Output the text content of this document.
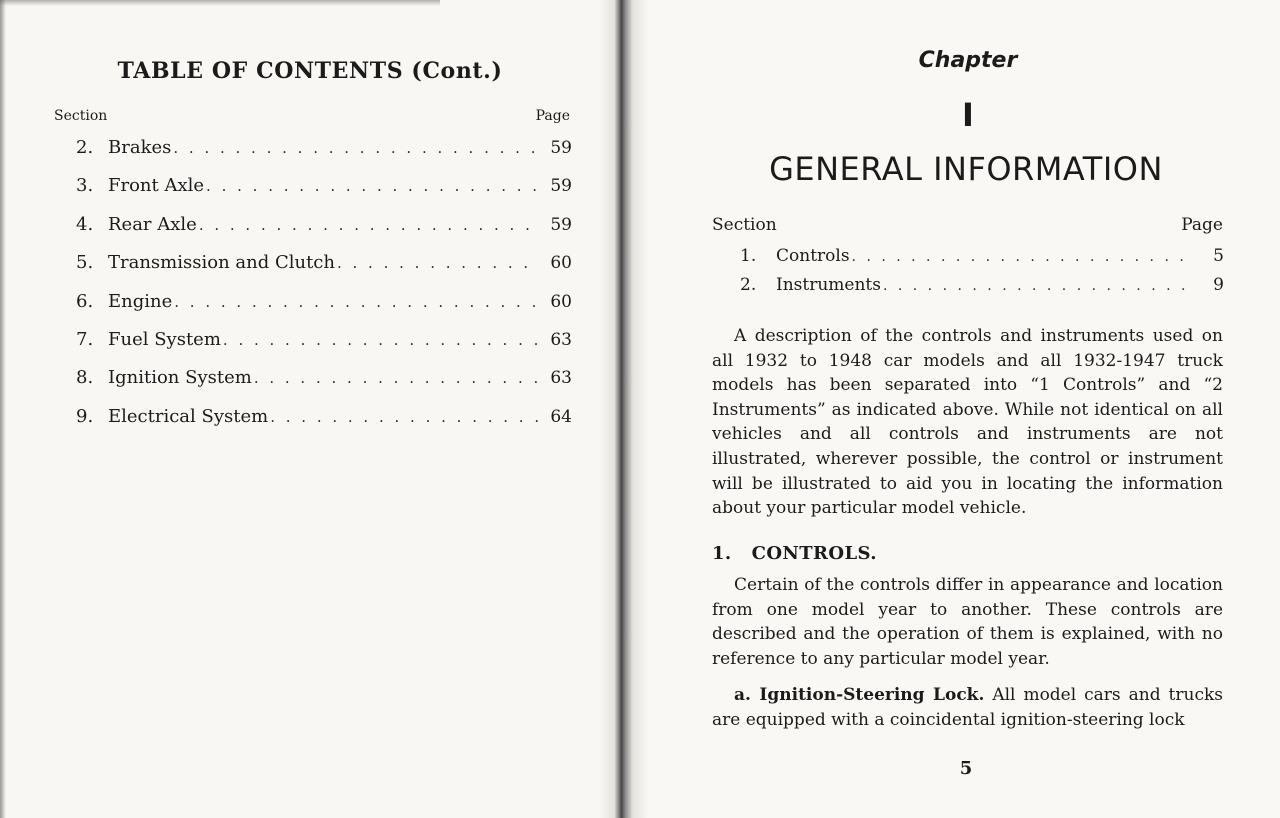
TABLE OF CONTENTS (Cont.)
Section	Page
2. Brakes . . .	59
3. Front Axle . . .	59
4. Rear Axle . . .	59
5. Transmission and Clutch . . .	60
6. Engine . . .	60
7. Fuel System . . .	63
8. Ignition System . . .	63
9. Electrical System . . .	64
Chapter
I
GENERAL INFORMATION
Section	Page
1.	Controls . . .	5
2.	Instruments . . .	9

A description of the controls and instruments used on all 1932 to 1948 car models and all 1932-1947 truck models has been separated into “1 Controls” and “2 Instruments” as indicated above. While not identical on all vehicles and all controls and instruments are not illustrated, wherever possible, the control or instrument will be illustrated to aid you in locating the information about your particular model vehicle.

1.   CONTROLS.

Certain of the controls differ in appearance and location from one model year to another. These controls are described and the operation of them is explained, with no reference to any particular model year.

a. Ignition-Steering Lock. All model cars and trucks are equipped with a coincidental ignition-steering lock

5
